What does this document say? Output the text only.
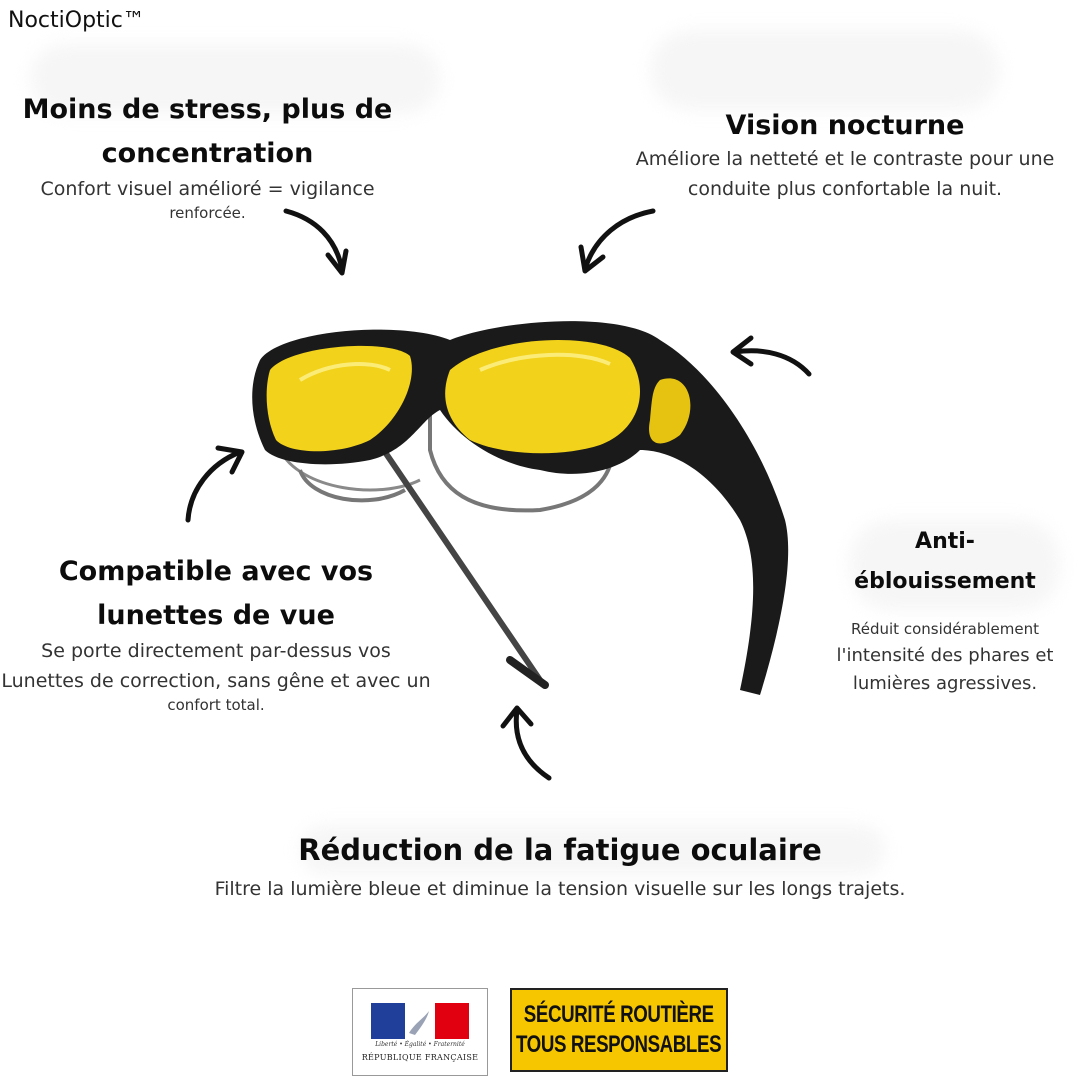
NoctiOptic™
Moins de stress, plus de
concentration
Confort visuel amélioré = vigilance
renforcée.
Vision nocturne
Améliore la netteté et le contraste pour une
conduite plus confortable la nuit.
Compatible avec vos
lunettes de vue
Se porte directement par-dessus vos
Lunettes de correction, sans gêne et avec un
confort total.
Anti-
éblouissement
Réduit considérablement
l'intensité des phares et
lumières agressives.
Réduction de la fatigue oculaire
Filtre la lumière bleue et diminue la tension visuelle sur les longs trajets.
Liberté • Égalité • Fraternité
RÉPUBLIQUE FRANÇAISE
SÉCURITÉ ROUTIÈRE
TOUS RESPONSABLES
